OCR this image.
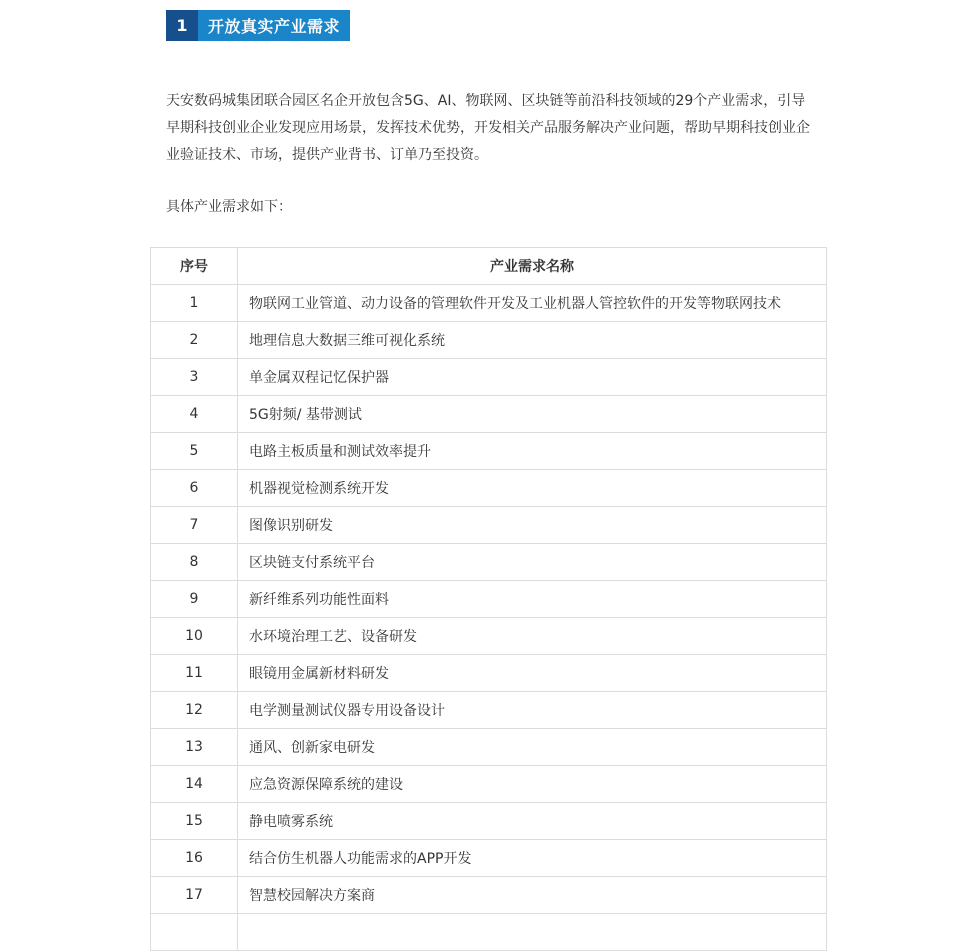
1	开放真实产业需求

天安数码城集团联合园区名企开放包含5G、AI、物联网、区块链等前沿科技领域的29个产业需求，引导早期科技创业企业发现应用场景，发挥技术优势，开发相关产品服务解决产业问题，帮助早期科技创业企业验证技术、市场，提供产业背书、订单乃至投资。

具体产业需求如下：

序号	产业需求名称
1	物联网工业管道、动力设备的管理软件开发及工业机器人管控软件的开发等物联网技术
2	地理信息大数据三维可视化系统
3	单金属双程记忆保护器
4	5G射频/ 基带测试
5	电路主板质量和测试效率提升
6	机器视觉检测系统开发
7	图像识别研发
8	区块链支付系统平台
9	新纤维系列功能性面料
10	水环境治理工艺、设备研发
11	眼镜用金属新材料研发
12	电学测量测试仪器专用设备设计
13	通风、创新家电研发
14	应急资源保障系统的建设
15	静电喷雾系统
16	结合仿生机器人功能需求的APP开发
17	智慧校园解决方案商
